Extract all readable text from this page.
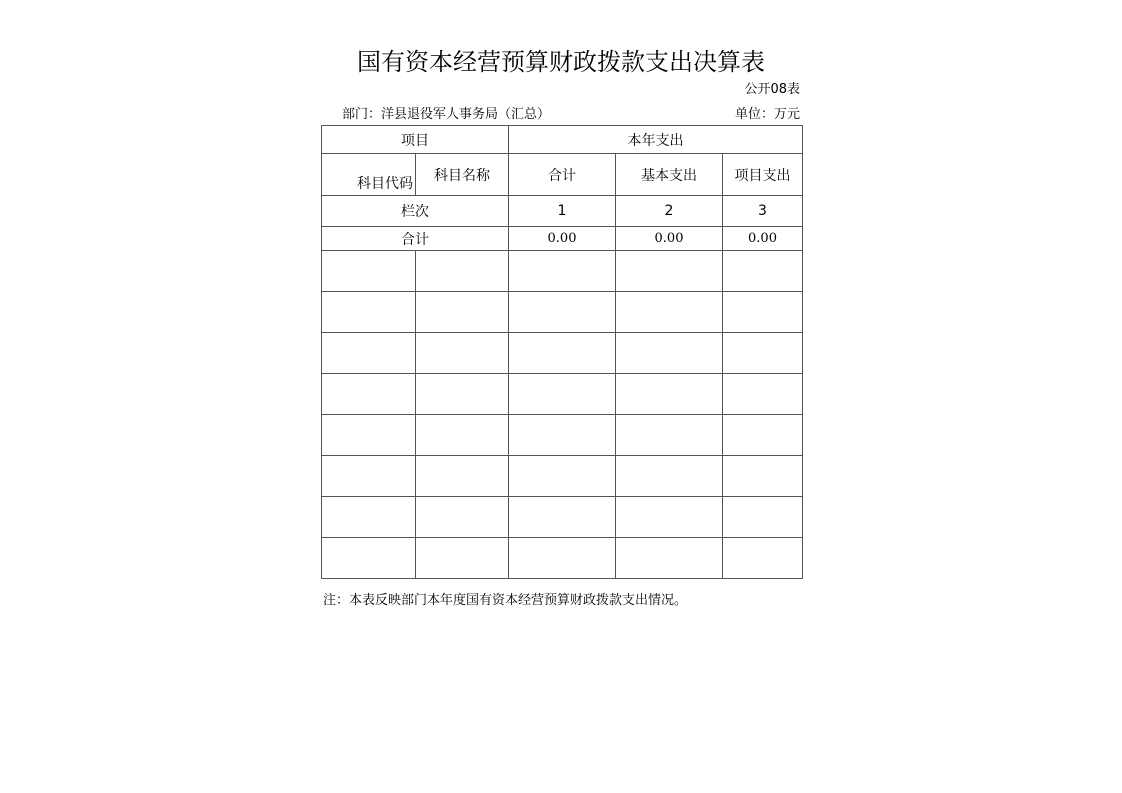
国有资本经营预算财政拨款支出决算表
公开08表
部门：洋县退役军人事务局（汇总）	单位：万元
项目		本年支出		
科目代码	科目名称	合计	基本支出	项目支出
栏次		1	2	3
合计		0.00	0.00	0.00

注：本表反映部门本年度国有资本经营预算财政拨款支出情况。
